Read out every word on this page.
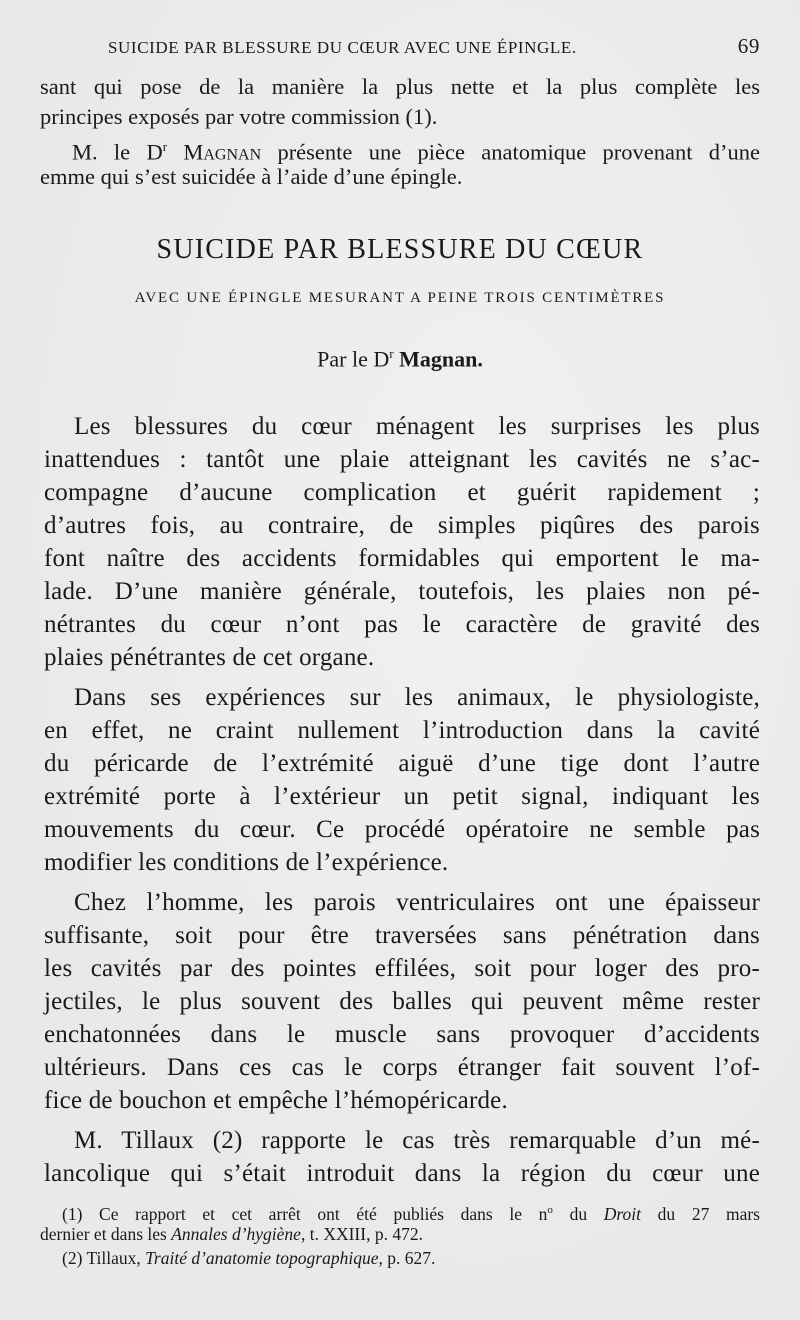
SUICIDE PAR BLESSURE DU CŒUR AVEC UNE ÉPINGLE.	69
sant qui pose de la manière la plus nette et la plus complète les
principes exposés par votre commission (1).
M. le $D^r$ Magnan présente une pièce anatomique provenant d’une
emme qui s’est suicidée à l’aide d’une épingle.
SUICIDE PAR BLESSURE DU CŒUR
AVEC UNE ÉPINGLE MESURANT A PEINE TROIS CENTIMÈTRES
Par le $D^r$ Magnan.
Les blessures du cœur ménagent les surprises les plus
inattendues : tantôt une plaie atteignant les cavités ne s’ac-
compagne d’aucune complication et guérit rapidement ;
d’autres fois, au contraire, de simples piqûres des parois
font naître des accidents formidables qui emportent le ma-
lade. D’une manière générale, toutefois, les plaies non pé-
nétrantes du cœur n’ont pas le caractère de gravité des
plaies pénétrantes de cet organe.
Dans ses expériences sur les animaux, le physiologiste,
en effet, ne craint nullement l’introduction dans la cavité
du péricarde de l’extrémité aiguë d’une tige dont l’autre
extrémité porte à l’extérieur un petit signal, indiquant les
mouvements du cœur. Ce procédé opératoire ne semble pas
modifier les conditions de l’expérience.
Chez l’homme, les parois ventriculaires ont une épaisseur
suffisante, soit pour être traversées sans pénétration dans
les cavités par des pointes effilées, soit pour loger des pro-
jectiles, le plus souvent des balles qui peuvent même rester
enchatonnées dans le muscle sans provoquer d’accidents
ultérieurs. Dans ces cas le corps étranger fait souvent l’of-
fice de bouchon et empêche l’hémopéricarde.
M. Tillaux (2) rapporte le cas très remarquable d’un mé-
lancolique qui s’était introduit dans la région du cœur une
(1) Ce rapport et cet arrêt ont été publiés dans le $n^o$ du Droit du 27 mars
dernier et dans les Annales d’hygiène, t. XXIII, p. 472.
(2) Tillaux, Traité d’anatomie topographique, p. 627.
